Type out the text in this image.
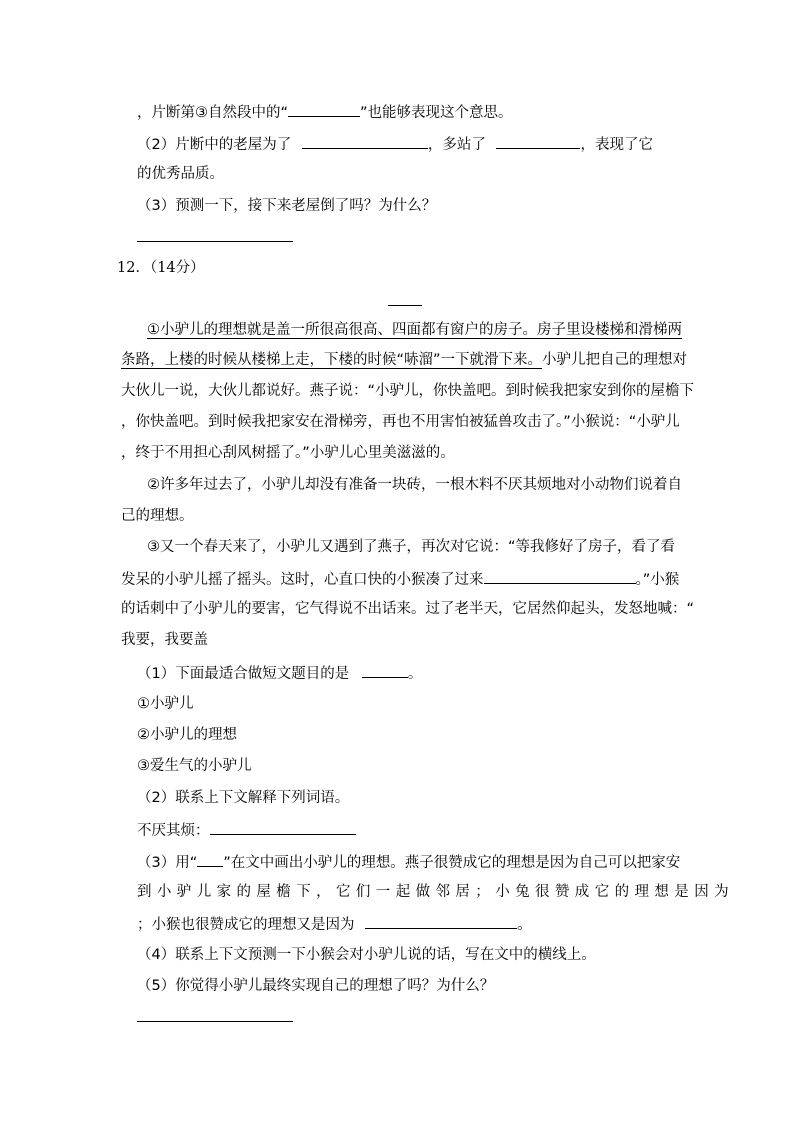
，片断第③自然段中的“	”也能够表现这个意思。
（2）片断中的老屋为了	，多站了	，表现了它
的优秀品质。
（3）预测一下，接下来老屋倒了吗？为什么？
12．（14分）
①小驴儿的理想就是盖一所很高很高、四面都有窗户的房子。房子里设楼梯和滑梯两
条路，上楼的时候从楼梯上走，下楼的时候“哧溜”一下就滑下来。小驴儿把自己的理想对
大伙儿一说，大伙儿都说好。燕子说：“小驴儿，你快盖吧。到时候我把家安到你的屋檐下
，你快盖吧。到时候我把家安在滑梯旁，再也不用害怕被猛兽攻击了。”小猴说：“小驴儿
，终于不用担心刮风树摇了。”小驴儿心里美滋滋的。
②许多年过去了，小驴儿却没有准备一块砖，一根木料不厌其烦地对小动物们说着自
己的理想。
③又一个春天来了，小驴儿又遇到了燕子，再次对它说：“等我修好了房子，看了看
发呆的小驴儿摇了摇头。这时，心直口快的小猴凑了过来	。”小猴
的话刺中了小驴儿的要害，它气得说不出话来。过了老半天，它居然仰起头，发怒地喊：“
我要，我要盖
（1）下面最适合做短文题目的是	。
①小驴儿
②小驴儿的理想
③爱生气的小驴儿
（2）联系上下文解释下列词语。
不厌其烦：
（3）用“ ”在文中画出小驴儿的理想。燕子很赞成它的理想是因为自己可以把家安
到小驴儿家的屋檐下，它们一起做邻居；小兔很赞成它的理想是因为
；小猴也很赞成它的理想又是因为	。
（4）联系上下文预测一下小猴会对小驴儿说的话，写在文中的横线上。
（5）你觉得小驴儿最终实现自己的理想了吗？为什么？
